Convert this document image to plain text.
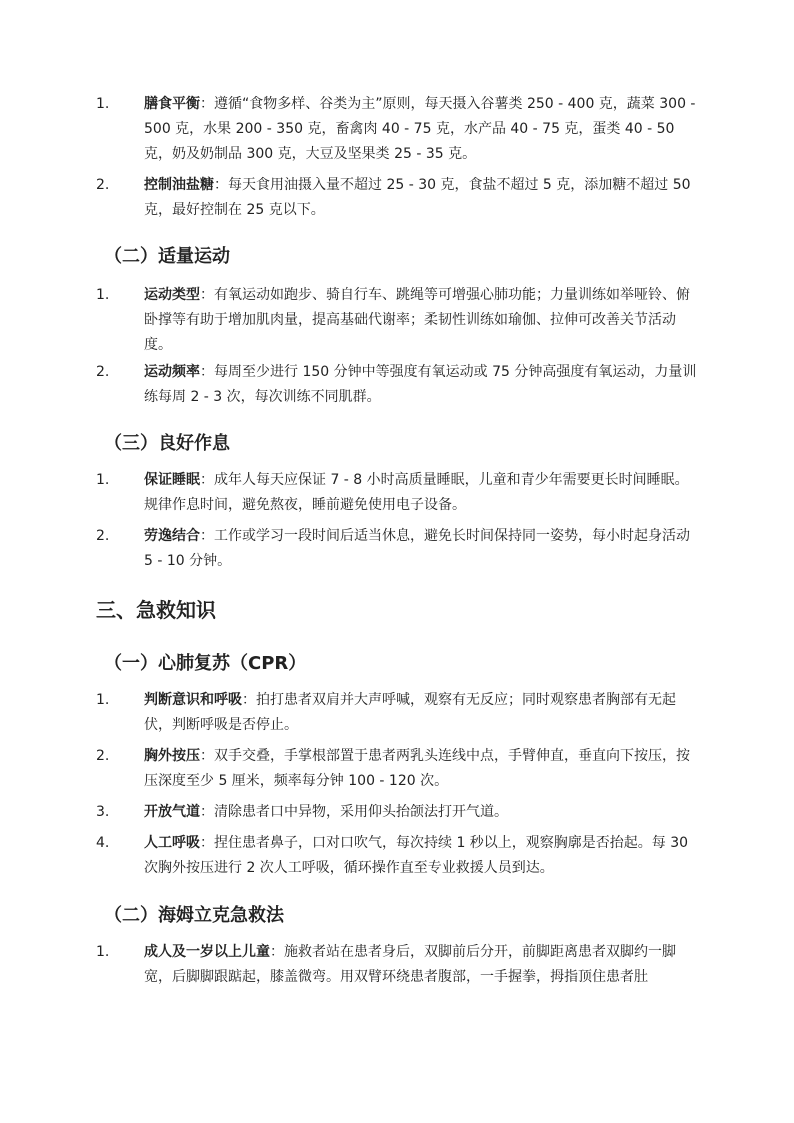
1.	膳食平衡：遵循“食物多样、谷类为主”原则，每天摄入谷薯类 250 - 400 克，蔬菜 300 - 500 克，水果 200 - 350 克，畜禽肉 40 - 75 克，水产品 40 - 75 克，蛋类 40 - 50 克，奶及奶制品 300 克，大豆及坚果类 25 - 35 克。
2.	控制油盐糖：每天食用油摄入量不超过 25 - 30 克，食盐不超过 5 克，添加糖不超过 50 克，最好控制在 25 克以下。
（二）适量运动
1.	运动类型：有氧运动如跑步、骑自行车、跳绳等可增强心肺功能；力量训练如举哑铃、俯卧撑等有助于增加肌肉量，提高基础代谢率；柔韧性训练如瑜伽、拉伸可改善关节活动度。
2.	运动频率：每周至少进行 150 分钟中等强度有氧运动或 75 分钟高强度有氧运动，力量训练每周 2 - 3 次，每次训练不同肌群。
（三）良好作息
1.	保证睡眠：成年人每天应保证 7 - 8 小时高质量睡眠，儿童和青少年需要更长时间睡眠。规律作息时间，避免熬夜，睡前避免使用电子设备。
2.	劳逸结合：工作或学习一段时间后适当休息，避免长时间保持同一姿势，每小时起身活动 5 - 10 分钟。
三、急救知识
（一）心肺复苏（CPR）
1.	判断意识和呼吸：拍打患者双肩并大声呼喊，观察有无反应；同时观察患者胸部有无起伏，判断呼吸是否停止。
2.	胸外按压：双手交叠，手掌根部置于患者两乳头连线中点，手臂伸直，垂直向下按压，按压深度至少 5 厘米，频率每分钟 100 - 120 次。
3.	开放气道：清除患者口中异物，采用仰头抬颌法打开气道。
4.	人工呼吸：捏住患者鼻子，口对口吹气，每次持续 1 秒以上，观察胸廓是否抬起。每 30 次胸外按压进行 2 次人工呼吸，循环操作直至专业救援人员到达。
（二）海姆立克急救法
1.	成人及一岁以上儿童：施救者站在患者身后，双脚前后分开，前脚距离患者双脚约一脚宽，后脚脚跟踮起，膝盖微弯。用双臂环绕患者腹部，一手握拳，拇指顶住患者肚
